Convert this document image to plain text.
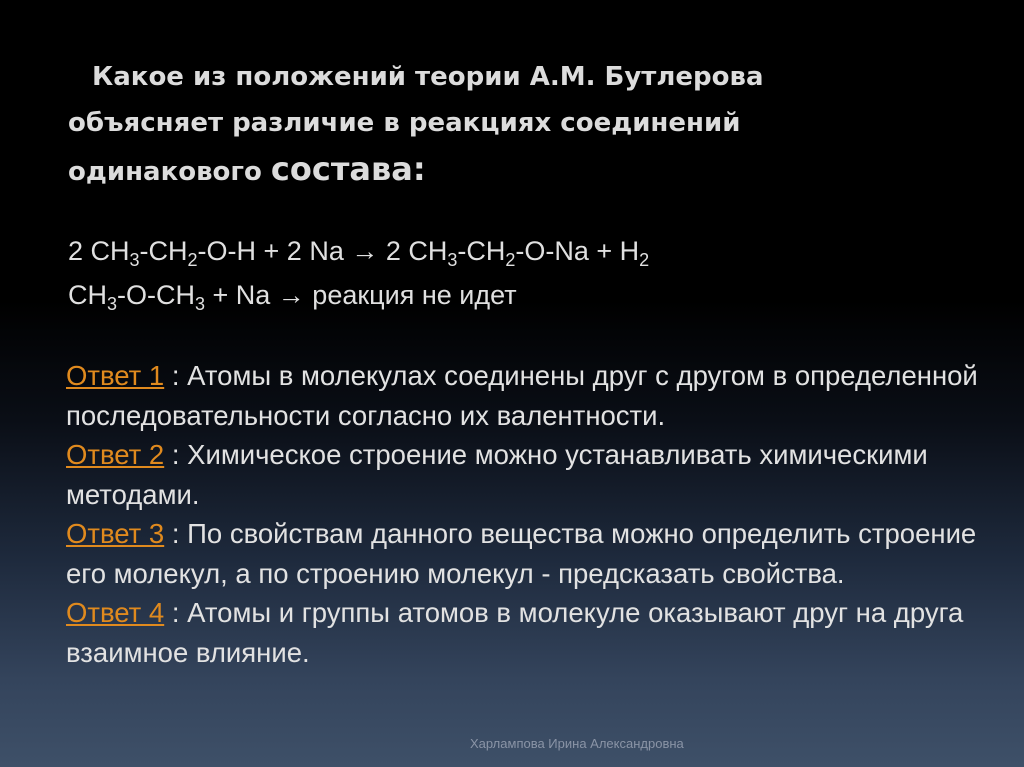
Какое из положений теории А.М. Бутлерова
объясняет различие в реакциях соединений
одинакового состава:
2 $CH_3-CH_2-O-H + 2$ Na → 2 $CH_3-CH_2-O-Na + H_2$
$CH_3-O-CH_3 + Na$ → реакция не идет
Ответ 1 : Атомы в молекулах соединены друг с другом в определенной последовательности согласно их валентности.
Ответ 2 : Химическое строение можно устанавливать химическими методами.
Ответ 3 : По свойствам данного вещества можно определить строение его молекул, а по строению молекул - предсказать свойства.
Ответ 4 : Атомы и группы атомов в молекуле оказывают друг на друга взаимное влияние.
Харлампова Ирина Александровна
